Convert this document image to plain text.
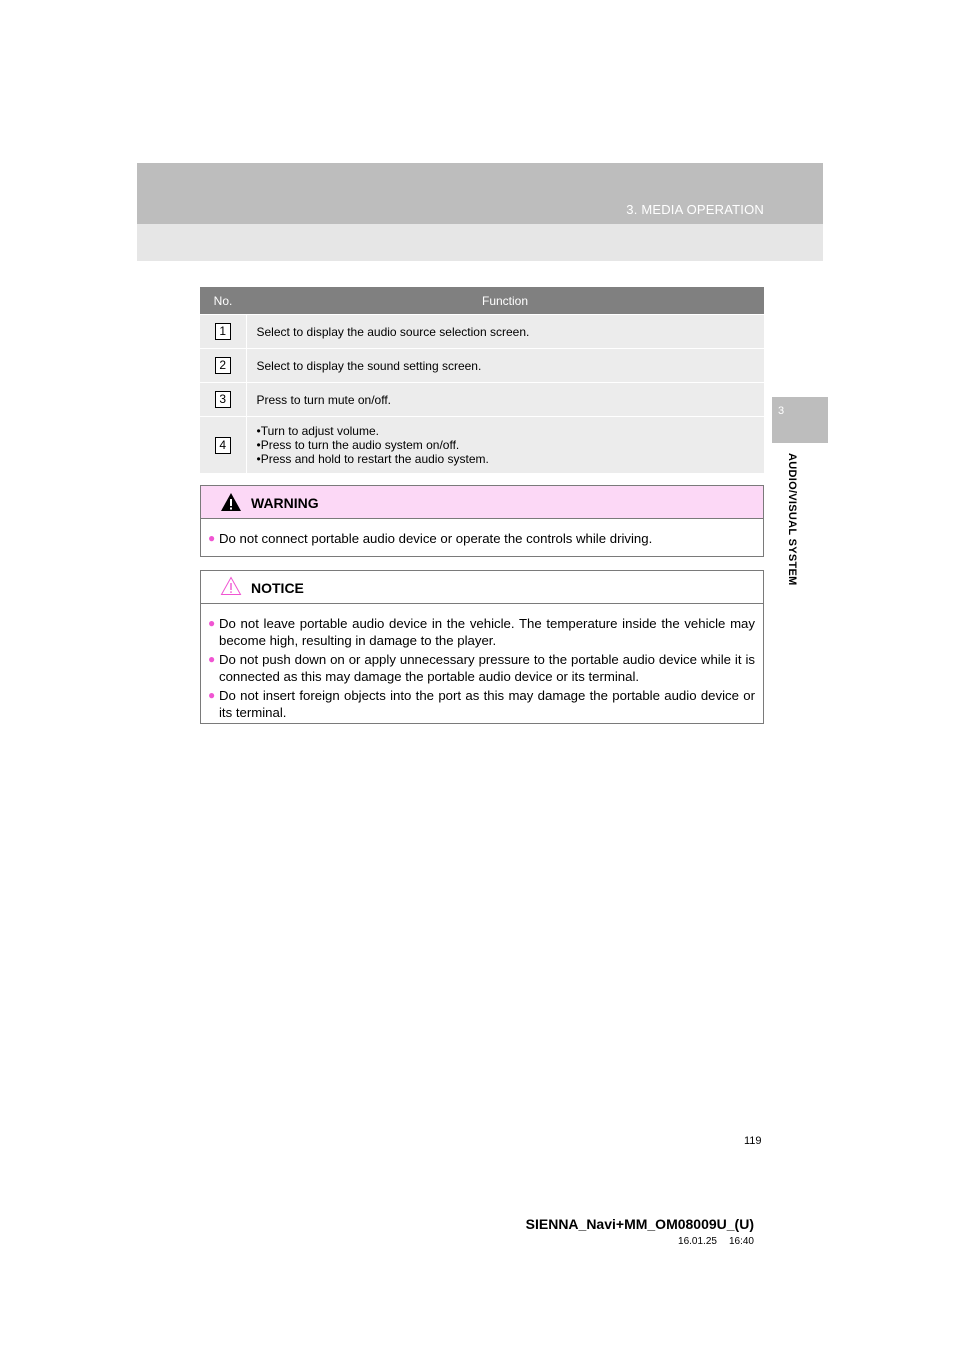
3. MEDIA OPERATION
3
AUDIO/VISUAL SYSTEM
No.	Function
1	Select to display the audio source selection screen.
2	Select to display the sound setting screen.
3	Press to turn mute on/off.
4	•Turn to adjust volume.
•Press to turn the audio system on/off.
•Press and hold to restart the audio system.
WARNING
● Do not connect portable audio device or operate the controls while driving.
NOTICE
● Do not leave portable audio device in the vehicle. The temperature inside the vehicle may become high, resulting in damage to the player.
● Do not push down on or apply unnecessary pressure to the portable audio device while it is connected as this may damage the portable audio device or its terminal.
● Do not insert foreign objects into the port as this may damage the portable audio device or its terminal.
119
SIENNA_Navi+MM_OM08009U_(U)
16.01.25 16:40
